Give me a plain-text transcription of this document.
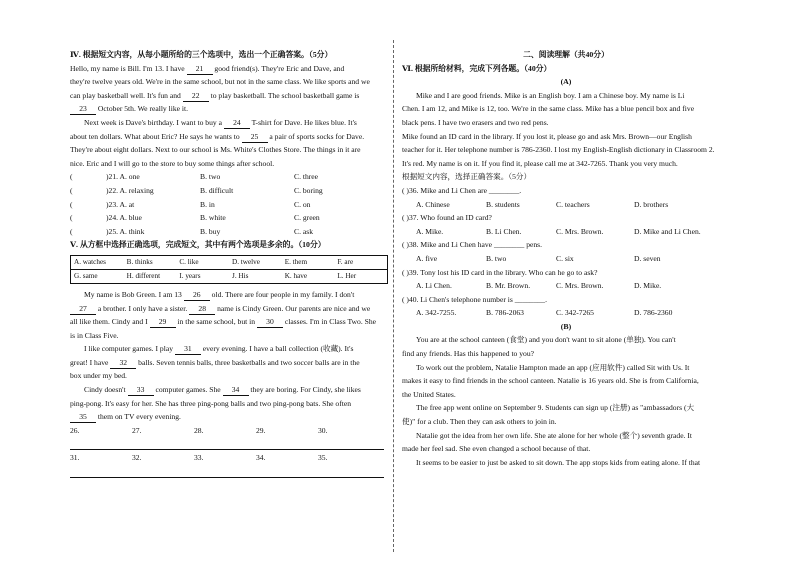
Ⅳ. 根据短文内容，从每小题所给的三个选项中，选出一个正确答案。（5分）
Hello, my name is Bill. I'm 13. I have 21 good friend(s). They're Eric and Dave, and
they're twelve years old. We're in the same school, but not in the same class. We like sports and we
can play basketball well. It's fun and 22 to play basketball. The school basketball game is
23 October 5th. We really like it.
Next week is Dave's birthday. I want to buy a 24 T-shirt for Dave. He likes blue. It's
about ten dollars. What about Eric? He says he wants to 25 a pair of sports socks for Dave.
They're about eight dollars. Next to our school is Ms. White's Clothes Store. The things in it are
nice. Eric and I will go to the store to buy some things after school.
(	)21. A. one	B. two	C. three
(	)22. A. relaxing	B. difficult	C. boring
(	)23. A. at	B. in	C. on
(	)24. A. blue	B. white	C. green
(	)25. A. think	B. buy	C. ask
Ⅴ. 从方框中选择正确选项，完成短文，其中有两个选项是多余的。（10分）
A. watches	B. thinks	C. like	D. twelve	E. them	F. are
G. same	H. different	I. years	J. His	K. have	L. Her
My name is Bob Green. I am 13 26 old. There are four people in my family. I don't
27 a brother. I only have a sister. 28 name is Cindy Green. Our parents are nice and we
all like them. Cindy and I 29 in the same school, but in 30 classes. I'm in Class Two. She
is in Class Five.
I like computer games. I play 31 every evening. I have a ball collection (收藏). It's
great! I have 32 balls. Seven tennis balls, three basketballs and two soccer balls are in the
box under my bed.
Cindy doesn't 33 computer games. She 34 they are boring. For Cindy, she likes
ping-pong. It's easy for her. She has three ping-pong balls and two ping-pong bats. She often
35 them on TV every evening.
26.	27.	28.	29.	30.
31.	32.	33.	34.	35.
二、阅读理解（共40分）
Ⅵ. 根据所给材料，完成下列各题。（40分）
(A)
Mike and I are good friends. Mike is an English boy. I am a Chinese boy. My name is Li
Chen. I am 12, and Mike is 12, too. We're in the same class. Mike has a blue pencil box and five
black pens. I have two erasers and two red pens.
Mike found an ID card in the library. If you lost it, please go and ask Mrs. Brown—our English
teacher for it. Her telephone number is 786-2360. I lost my English-English dictionary in Classroom 2.
It's red. My name is on it. If you find it, please call me at 342-7265. Thank you very much.
根据短文内容，选择正确答案。（5分）
( )36. Mike and Li Chen are ________.
A. Chinese	B. students	C. teachers	D. brothers
( )37. Who found an ID card?
A. Mike.	B. Li Chen.	C. Mrs. Brown.	D. Mike and Li Chen.
( )38. Mike and Li Chen have ________ pens.
A. five	B. two	C. six	D. seven
( )39. Tony lost his ID card in the library. Who can he go to ask?
A. Li Chen.	B. Mr. Brown.	C. Mrs. Brown.	D. Mike.
( )40. Li Chen's telephone number is ________.
A. 342-7255.	B. 786-2063	C. 342-7265	D. 786-2360
(B)
You are at the school canteen (食堂) and you don't want to sit alone (单独). You can't
find any friends. Has this happened to you?
To work out the problem, Natalie Hampton made an app (应用软件) called Sit with Us. It
makes it easy to find friends in the school canteen. Natalie is 16 years old. She is from California,
the United States.
The free app went online on September 9. Students can sign up (注册) as "ambassadors (大
使)" for a club. Then they can ask others to join in.
Natalie got the idea from her own life. She ate alone for her whole (整个) seventh grade. It
made her feel sad. She even changed a school because of that.
It seems to be easier to just be asked to sit down. The app stops kids from eating alone. If that
